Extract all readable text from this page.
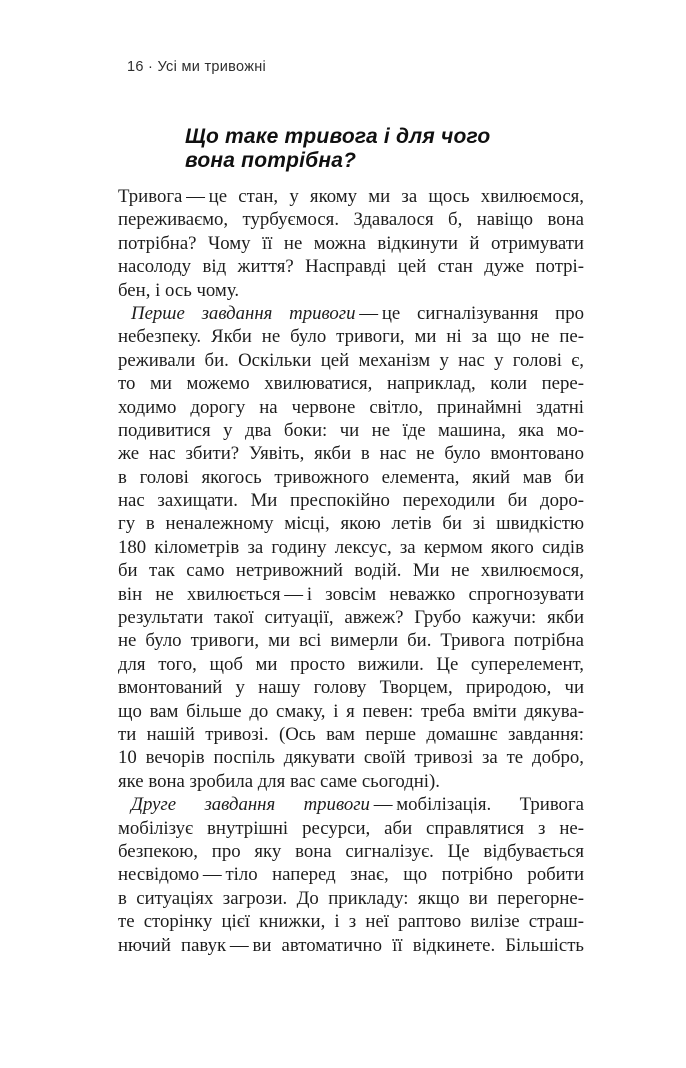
16 · Усі ми тривожні
Що таке тривога і для чого
вона потрібна?
Тривога — це стан, у якому ми за щось хвилюємося,
переживаємо, турбуємося. Здавалося б, навіщо вона
потрібна? Чому її не можна відкинути й отримувати
насолоду від життя? Насправді цей стан дуже потрі-
бен, і ось чому.
Перше завдання тривоги — це сигналізування про
небезпеку. Якби не було тривоги, ми ні за що не пе-
реживали би. Оскільки цей механізм у нас у голові є,
то ми можемо хвилюватися, наприклад, коли пере-
ходимо дорогу на червоне світло, принаймні здатні
подивитися у два боки: чи не їде машина, яка мо-
же нас збити? Уявіть, якби в нас не було вмонтовано
в голові якогось тривожного елемента, який мав би
нас захищати. Ми преспокійно переходили би доро-
гу в неналежному місці, якою летів би зі швидкістю
180 кілометрів за годину лексус, за кермом якого сидів
би так само нетривожний водій. Ми не хвилюємося,
він не хвилюється — і зовсім неважко спрогнозувати
результати такої ситуації, авжеж? Грубо кажучи: якби
не було тривоги, ми всі вимерли би. Тривога потрібна
для того, щоб ми просто вижили. Це суперелемент,
вмонтований у нашу голову Творцем, природою, чи
що вам більше до смаку, і я певен: треба вміти дякува-
ти нашій тривозі. (Ось вам перше домашнє завдання:
10 вечорів поспіль дякувати своїй тривозі за те добро,
яке вона зробила для вас саме сьогодні).
Друге завдання тривоги — мобілізація. Тривога
мобілізує внутрішні ресурси, аби справлятися з не-
безпекою, про яку вона сигналізує. Це відбувається
несвідомо — тіло наперед знає, що потрібно робити
в ситуаціях загрози. До прикладу: якщо ви перегорне-
те сторінку цієї книжки, і з неї раптово вилізе страш-
нючий павук — ви автоматично її відкинете. Більшість
